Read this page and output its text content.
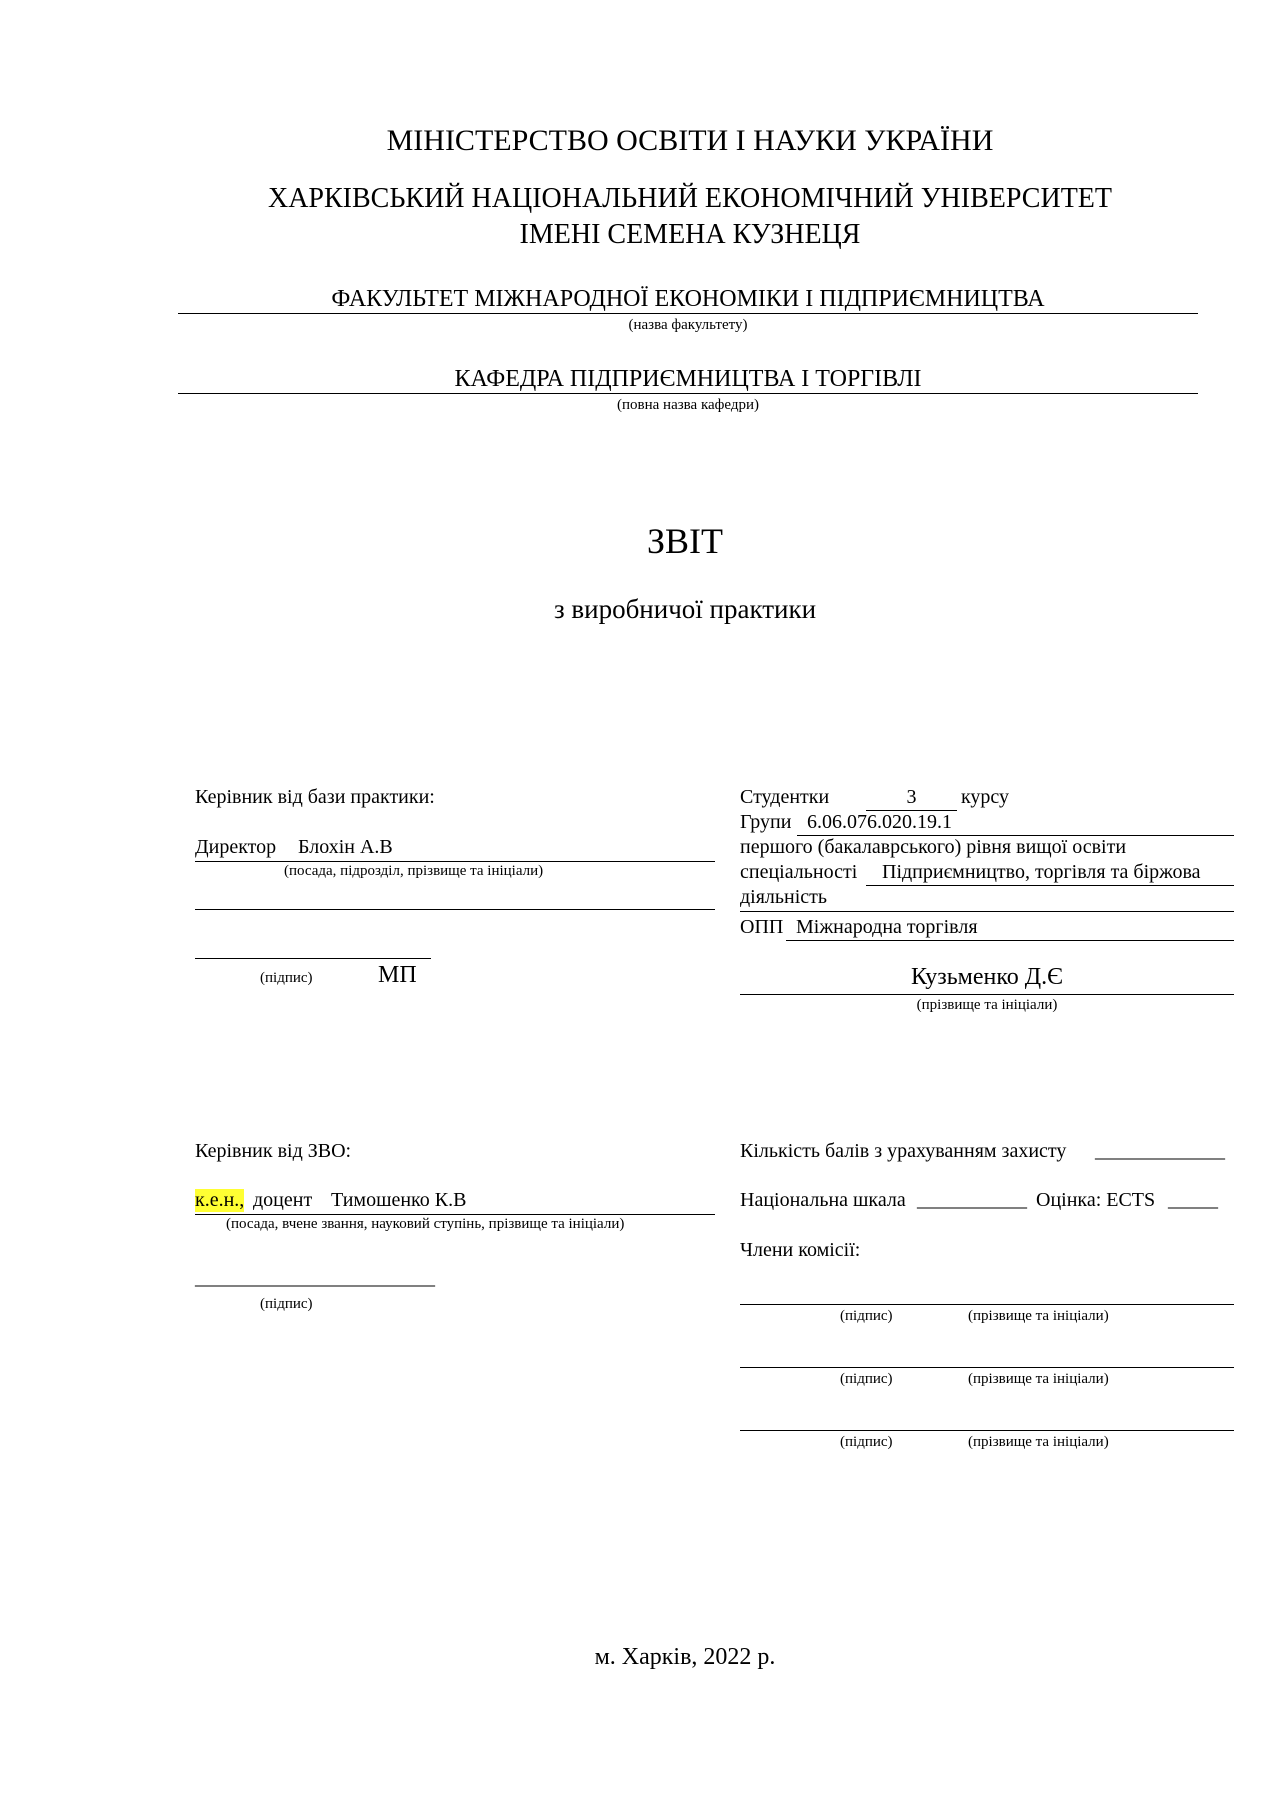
МІНІСТЕРСТВО ОСВІТИ І НАУКИ УКРАЇНИ
ХАРКІВСЬКИЙ НАЦІОНАЛЬНИЙ ЕКОНОМІЧНИЙ УНІВЕРСИТЕТ
ІМЕНІ СЕМЕНА КУЗНЕЦЯ
ФАКУЛЬТЕТ МІЖНАРОДНОЇ ЕКОНОМІКИ І ПІДПРИЄМНИЦТВА
(назва факультету)
КАФЕДРА ПІДПРИЄМНИЦТВА І ТОРГІВЛІ
(повна назва кафедри)
ЗВІТ
з виробничої практики
Керівник від бази практики:
Директор Блохін А.В
(посада, підрозділ, прізвище та ініціали)
(підпис)	МП
Студентки	3	курсу
Групи 6.06.076.020.19.1
першого (бакалаврського) рівня вищої освіти
спеціальності Підприємництво, торгівля та біржова
діяльність
ОПП Міжнародна торгівля
Кузьменко Д.Є
(прізвище та ініціали)
Керівник від ЗВО:
к.е.н., доцент Тимошенко К.В
(посада, вчене звання, науковий ступінь, прізвище та ініціали)
________________________
(підпис)
Кількість балів з урахуванням захисту _____________
Національна шкала ___________ Оцінка: ECTS _____
Члени комісії:
(підпис)	(прізвище та ініціали)
(підпис)	(прізвище та ініціали)
(підпис)	(прізвище та ініціали)
м. Харків, 2022 р.
